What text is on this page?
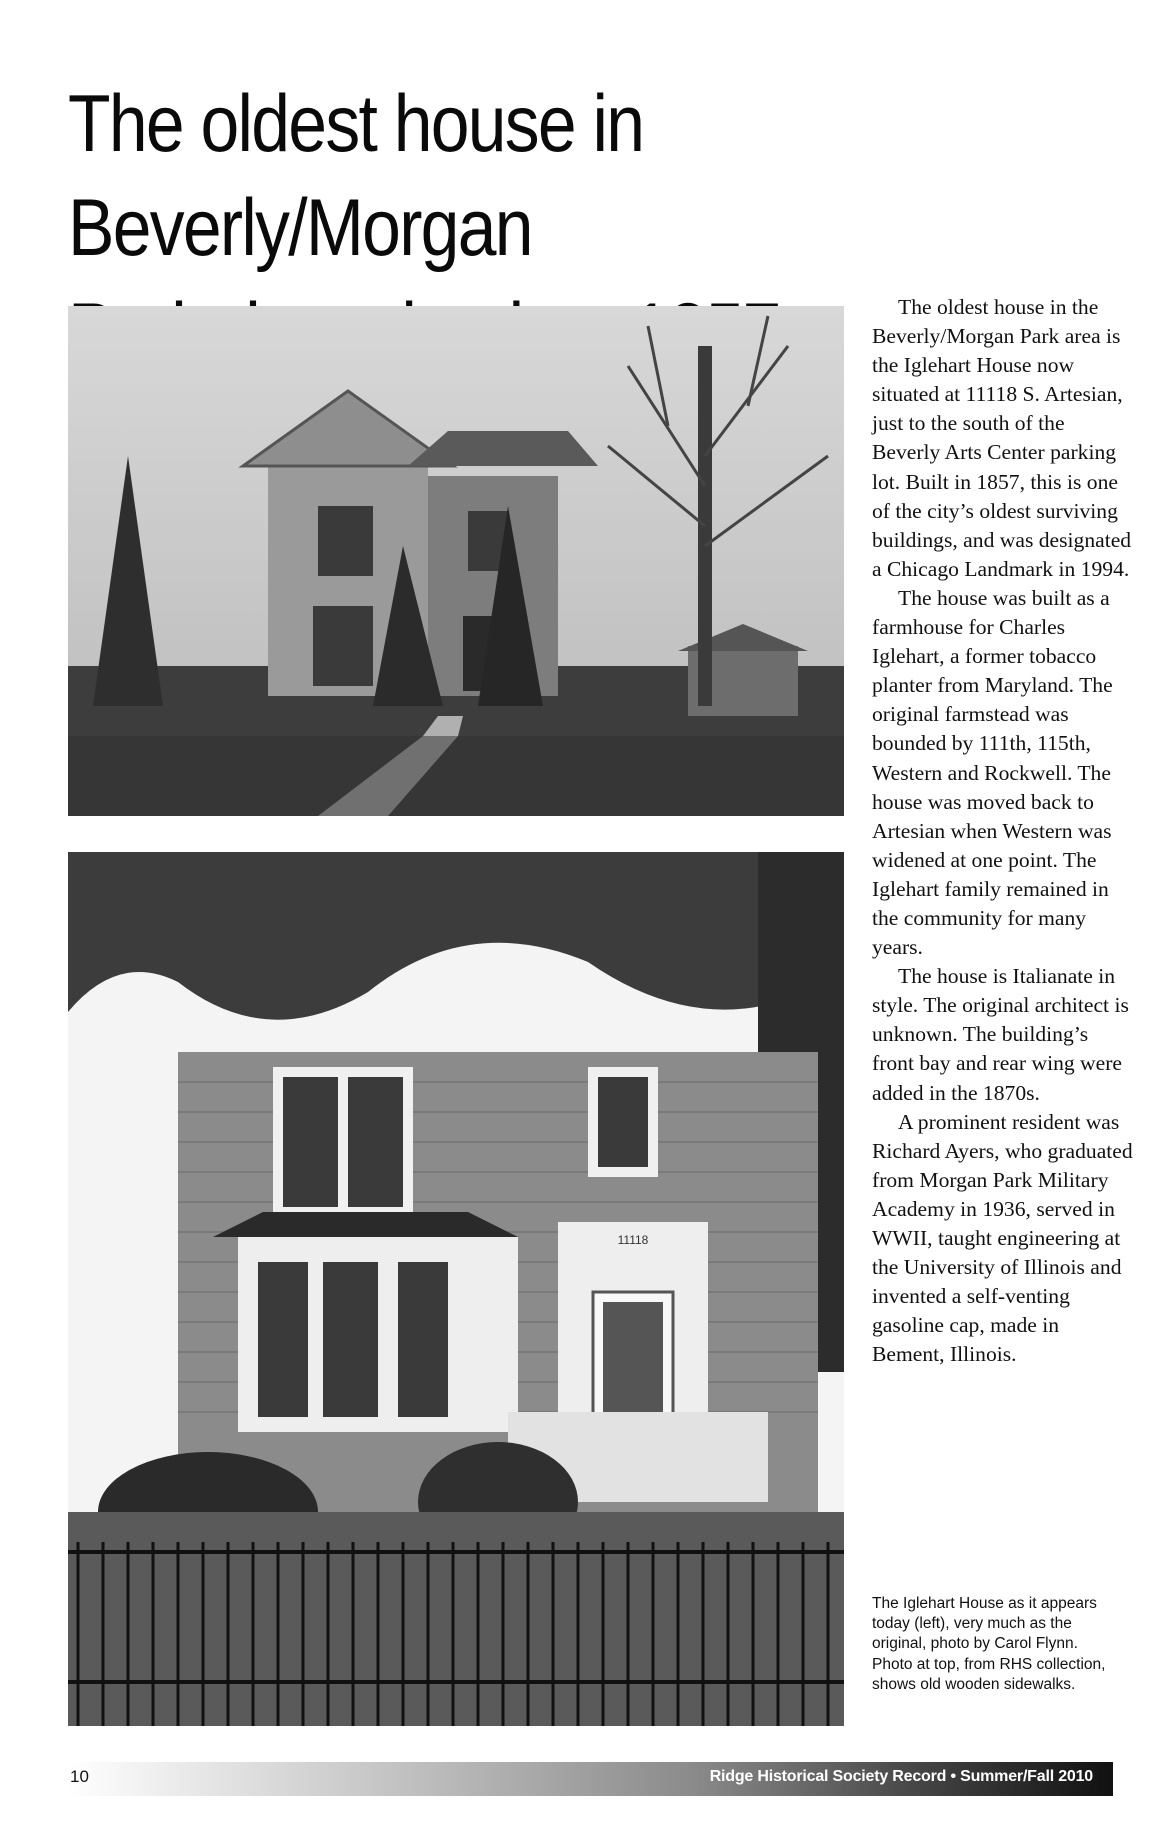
The oldest house in Beverly/Morgan

11118

The oldest house in the Beverly/Morgan Park area is the Iglehart House now situated at 11118 S. Artesian, just to the south of the Beverly Arts Center parking lot. Built in 1857, this is one of the city’s oldest surviving buildings, and was designated a Chicago Landmark in 1994.

The house was built as a farmhouse for Charles Iglehart, a former tobacco planter from Maryland. The original farmstead was bounded by 111th, 115th, Western and Rockwell. The house was moved back to Artesian when Western was widened at one point. The Iglehart family remained in the community for many years.

The house is Italianate in style. The original architect is unknown. The building’s front bay and rear wing were added in the 1870s.

A prominent resident was Richard Ayers, who graduated from Morgan Park Military Academy in 1936, served in WWII, taught engineering at the University of Illinois and invented a self-venting gasoline cap, made in Bement, Illinois.

The Iglehart House as it appears today (left), very much as the original, photo by Carol Flynn. Photo at top, from RHS collection, shows old wooden sidewalks.
10	Ridge Historical Society Record • Summer/Fall 2010
